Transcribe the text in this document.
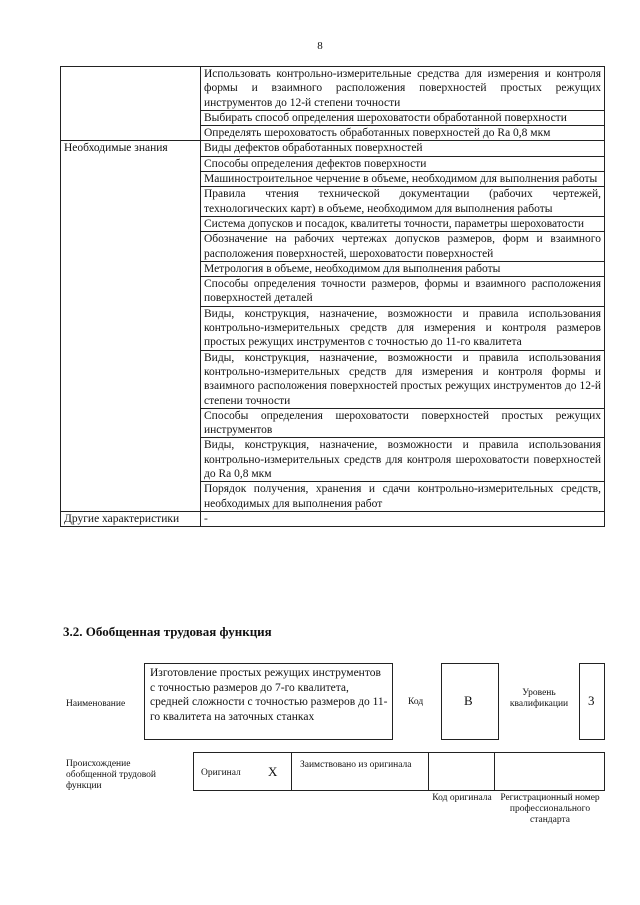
8
	Использовать контрольно-измерительные средства для измерения и контроля формы и взаимного расположения поверхностей простых режущих инструментов до 12-й степени точности
	Выбирать способ определения шероховатости обработанной поверхности
	Определять шероховатость обработанных поверхностей до Ra 0,8 мкм
Необходимые знания	Виды дефектов обработанных поверхностей
	Способы определения дефектов поверхности
	Машиностроительное черчение в объеме, необходимом для выполнения работы
	Правила чтения технической документации (рабочих чертежей, технологических карт) в объеме, необходимом для выполнения работы
	Система допусков и посадок, квалитеты точности, параметры шероховатости
	Обозначение на рабочих чертежах допусков размеров, форм и взаимного расположения поверхностей, шероховатости поверхностей
	Метрология в объеме, необходимом для выполнения работы
	Способы определения точности размеров, формы и взаимного расположения поверхностей деталей
	Виды, конструкция, назначение, возможности и правила использования контрольно-измерительных средств для измерения и контроля размеров простых режущих инструментов с точностью до 11-го квалитета
	Виды, конструкция, назначение, возможности и правила использования контрольно-измерительных средств для измерения и контроля формы и взаимного расположения поверхностей простых режущих инструментов до 12-й степени точности
	Способы определения шероховатости поверхностей простых режущих инструментов
	Виды, конструкция, назначение, возможности и правила использования контрольно-измерительных средств для контроля шероховатости поверхностей до Ra 0,8 мкм
	Порядок получения, хранения и сдачи контрольно-измерительных средств, необходимых для выполнения работ
Другие характеристики	-
3.2. Обобщенная трудовая функция
Наименование
Изготовление простых режущих инструментов с точностью размеров до 7-го квалитета, средней сложности с точностью размеров до 11-го квалитета на заточных станках
Код	B	Уровень квалификации	3
Происхождение обобщенной трудовой функции
Оригинал X Заимствовано из оригинала
Код оригинала Регистрационный номер профессионального стандарта
